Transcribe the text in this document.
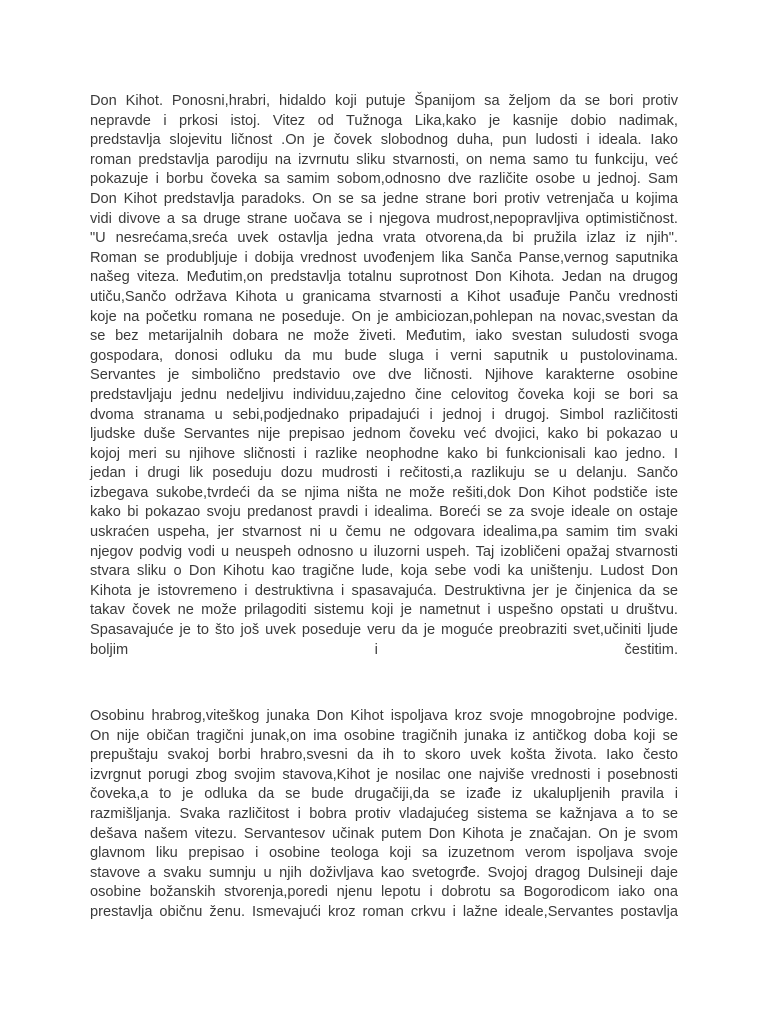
Don Kihot. Ponosni,hrabri, hidaldo koji putuje Španijom sa željom da se bori protiv
nepravde i prkosi istoj. Vitez od Tužnoga Lika,kako je kasnije dobio nadimak,
predstavlja slojevitu ličnost .On je čovek slobodnog duha, pun ludosti i ideala. Iako
roman predstavlja parodiju na izvrnutu sliku stvarnosti, on nema samo tu funkciju, već
pokazuje i borbu čoveka sa samim sobom,odnosno dve različite osobe u jednoj. Sam
Don Kihot predstavlja paradoks. On se sa jedne strane bori protiv vetrenjača u kojima
vidi divove a sa druge strane uočava se i njegova mudrost,nepopravljiva optimističnost.
"U nesrećama,sreća uvek ostavlja jedna vrata otvorena,da bi pružila izlaz iz njih".
Roman se produbljuje i dobija vrednost uvođenjem lika Sanča Panse,vernog saputnika
našeg viteza. Međutim,on predstavlja totalnu suprotnost Don Kihota. Jedan na drugog
utiču,Sančo održava Kihota u granicama stvarnosti a Kihot usađuje Panču vrednosti
koje na početku romana ne poseduje. On je ambiciozan,pohlepan na novac,svestan da
se bez metarijalnih dobara ne može živeti. Međutim, iako svestan suludosti svoga
gospodara, donosi odluku da mu bude sluga i verni saputnik u pustolovinama.
Servantes je simbolično predstavio ove dve ličnosti. Njihove karakterne osobine
predstavljaju jednu nedeljivu individuu,zajedno čine celovitog čoveka koji se bori sa
dvoma stranama u sebi,podjednako pripadajući i jednoj i drugoj. Simbol različitosti
ljudske duše Servantes nije prepisao jednom čoveku već dvojici, kako bi pokazao u
kojoj meri su njihove sličnosti i razlike neophodne kako bi funkcionisali kao jedno. I
jedan i drugi lik poseduju dozu mudrosti i rečitosti,a razlikuju se u delanju. Sančo
izbegava sukobe,tvrdeći da se njima ništa ne može rešiti,dok Don Kihot podstiče iste
kako bi pokazao svoju predanost pravdi i idealima. Boreći se za svoje ideale on ostaje
uskraćen uspeha, jer stvarnost ni u čemu ne odgovara idealima,pa samim tim svaki
njegov podvig vodi u neuspeh odnosno u iluzorni uspeh. Taj izobličeni opažaj stvarnosti
stvara sliku o Don Kihotu kao tragične lude, koja sebe vodi ka uništenju. Ludost Don
Kihota je istovremeno i destruktivna i spasavajuća. Destruktivna jer je činjenica da se
takav čovek ne može prilagoditi sistemu koji je nametnut i uspešno opstati u društvu.
Spasavajuće je to što još uvek poseduje veru da je moguće preobraziti svet,učiniti ljude
boljim i čestitim.
Osobinu hrabrog,viteškog junaka Don Kihot ispoljava kroz svoje mnogobrojne podvige.
On nije običan tragični junak,on ima osobine tragičnih junaka iz antičkog doba koji se
prepuštaju svakoj borbi hrabro,svesni da ih to skoro uvek košta života. Iako često
izvrgnut porugi zbog svojim stavova,Kihot je nosilac one najviše vrednosti i posebnosti
čoveka,a to je odluka da se bude drugačiji,da se izađe iz ukalupljenih pravila i
razmišljanja. Svaka različitost i bobra protiv vladajućeg sistema se kažnjava a to se
dešava našem vitezu. Servantesov učinak putem Don Kihota je značajan. On je svom
glavnom liku prepisao i osobine teologa koji sa izuzetnom verom ispoljava svoje
stavove a svaku sumnju u njih doživljava kao svetogrđe. Svojoj dragog Dulsineji daje
osobine božanskih stvorenja,poredi njenu lepotu i dobrotu sa Bogorodicom iako ona
prestavlja običnu ženu. Ismevajući kroz roman crkvu i lažne ideale,Servantes postavlja
